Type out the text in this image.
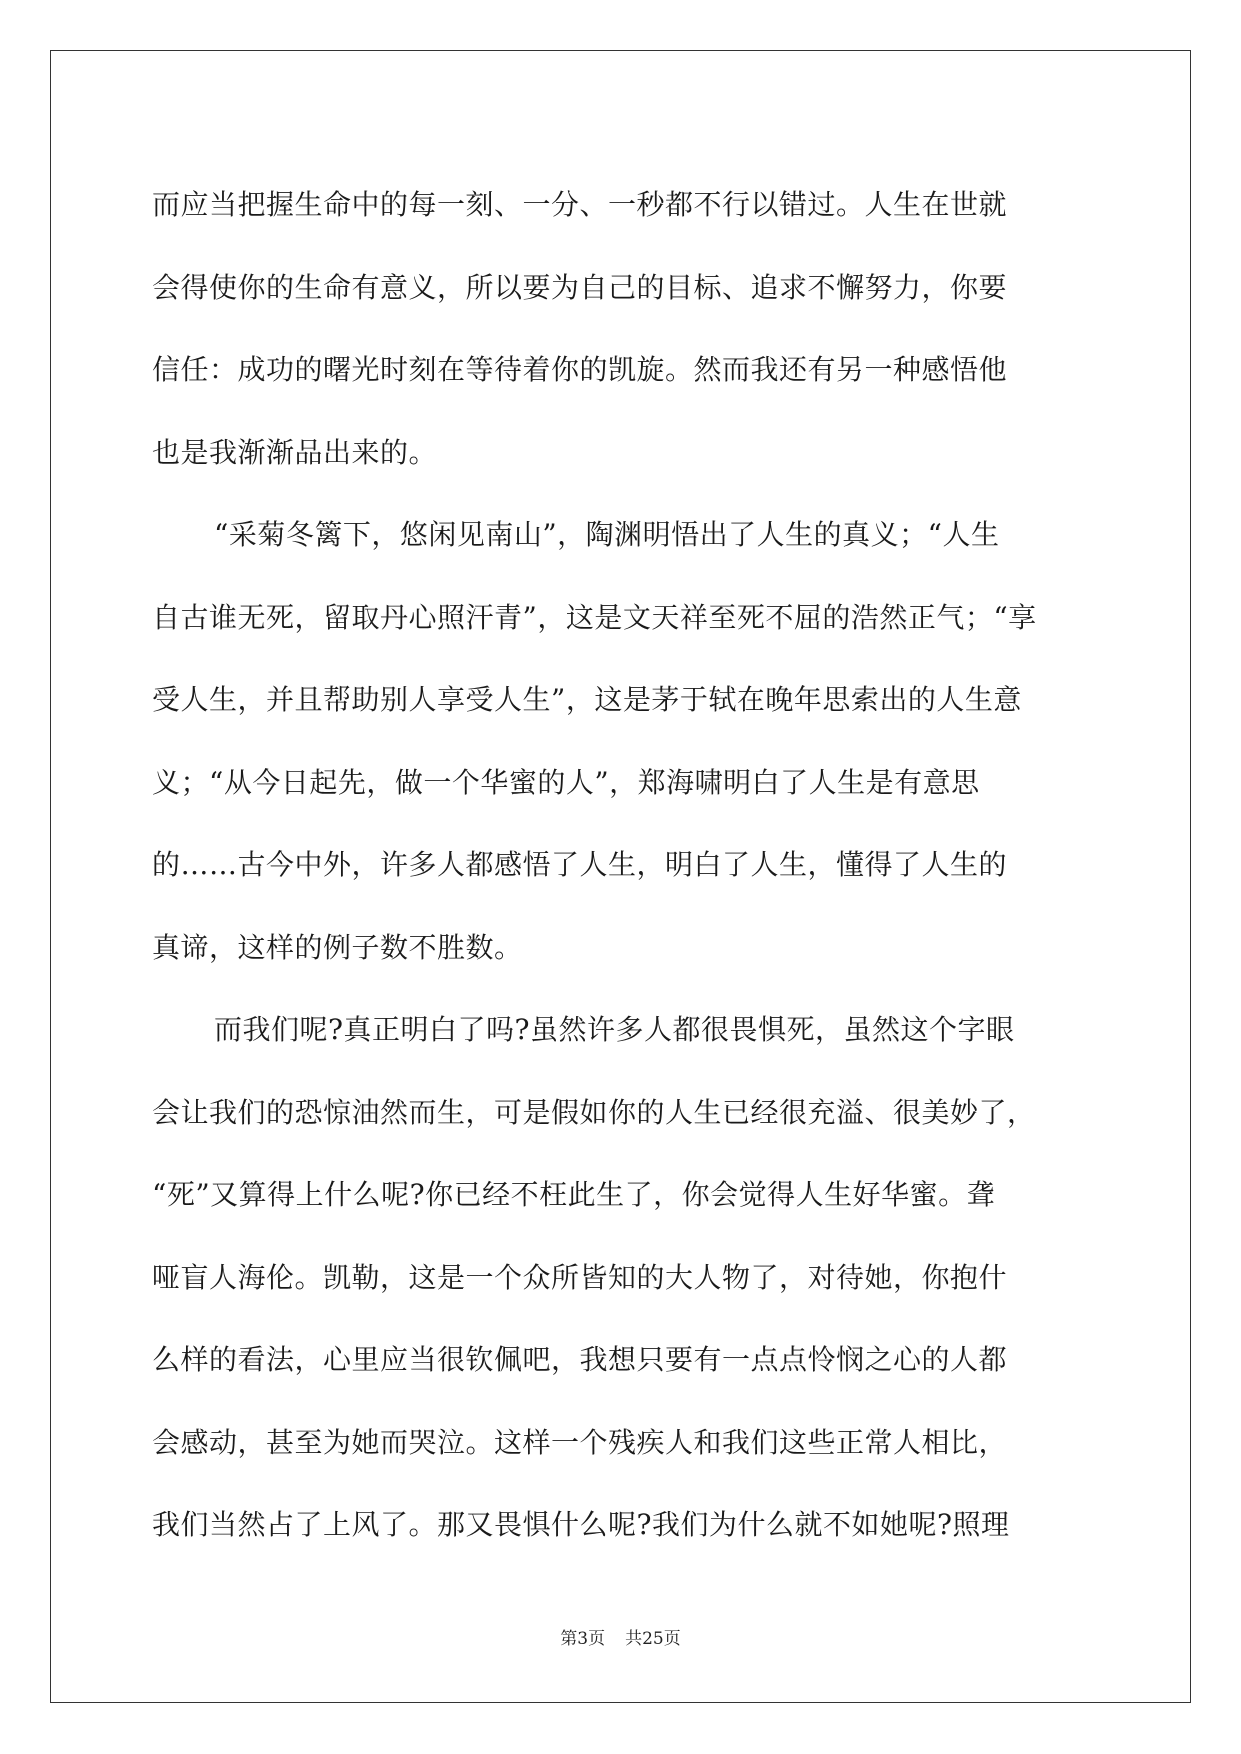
而应当把握生命中的每一刻、一分、一秒都不行以错过。人生在世就
会得使你的生命有意义，所以要为自己的目标、追求不懈努力，你要
信任：成功的曙光时刻在等待着你的凯旋。然而我还有另一种感悟他
也是我渐渐品出来的。
“采菊冬篱下，悠闲见南山”，陶渊明悟出了人生的真义；“人生
自古谁无死，留取丹心照汗青”，这是文天祥至死不屈的浩然正气；“享
受人生，并且帮助别人享受人生”，这是茅于轼在晚年思索出的人生意
义；“从今日起先，做一个华蜜的人”，郑海啸明白了人生是有意思
的……古今中外，许多人都感悟了人生，明白了人生，懂得了人生的
真谛，这样的例子数不胜数。
而我们呢?真正明白了吗?虽然许多人都很畏惧死，虽然这个字眼
会让我们的恐惊油然而生，可是假如你的人生已经很充溢、很美妙了，
“死”又算得上什么呢?你已经不枉此生了，你会觉得人生好华蜜。聋
哑盲人海伦。凯勒，这是一个众所皆知的大人物了，对待她，你抱什
么样的看法，心里应当很钦佩吧，我想只要有一点点怜悯之心的人都
会感动，甚至为她而哭泣。这样一个残疾人和我们这些正常人相比，
我们当然占了上风了。那又畏惧什么呢?我们为什么就不如她呢?照理
第3页 共25页
